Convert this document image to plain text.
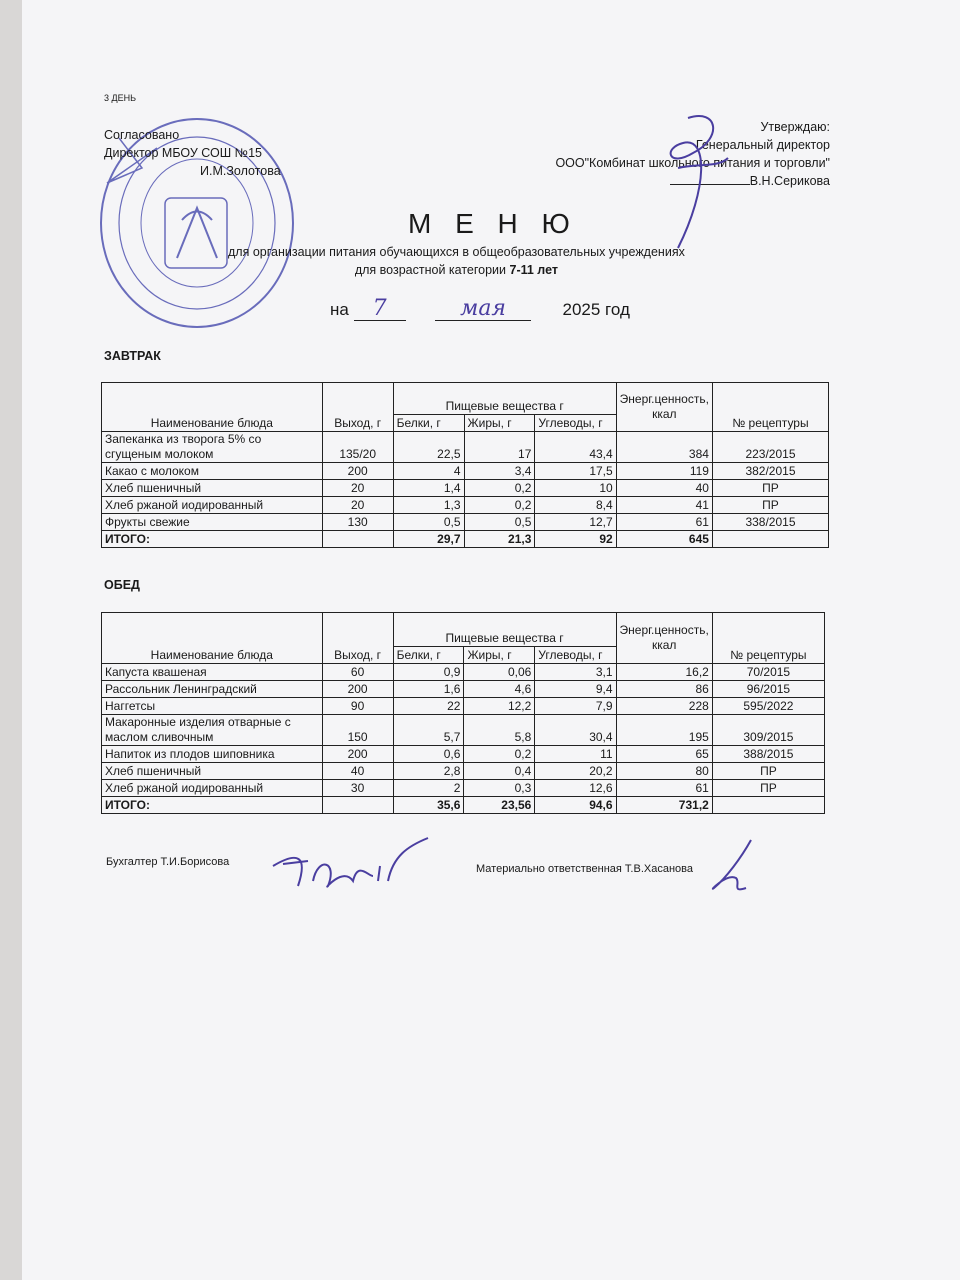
3 ДЕНЬ
Согласовано
Директор МБОУ СОШ №15
И.М.Золотова
Утверждаю:
Генеральный директор
ООО"Комбинат школьного питания и торговли"
В.Н.Серикова
М Е Н Ю
для организации питания обучающихся в общеобразовательных учреждениях
для возрастной категории 7-11 лет
на 7	мая	2025 год
ЗАВТРАК
Наименование блюда	Выход, г	Пищевые вещества г			Энерг.ценность, ккал	№ рецептуры
		Белки, г	Жиры, г	Углеводы, г		
Запеканка из творога 5% со сгущеным молоком	135/20	22,5	17	43,4	384	223/2015
Какао с молоком	200	4	3,4	17,5	119	382/2015
Хлеб пшеничный	20	1,4	0,2	10	40	ПР
Хлеб ржаной иодированный	20	1,3	0,2	8,4	41	ПР
Фрукты свежие	130	0,5	0,5	12,7	61	338/2015
ИТОГО:		29,7	21,3	92	645	
ОБЕД
Наименование блюда	Выход, г	Пищевые вещества г			Энерг.ценность, ккал	№ рецептуры
		Белки, г	Жиры, г	Углеводы, г		
Капуста квашеная	60	0,9	0,06	3,1	16,2	70/2015
Рассольник Ленинградский	200	1,6	4,6	9,4	86	96/2015
Наггетсы	90	22	12,2	7,9	228	595/2022
Макаронные изделия отварные с маслом сливочным	150	5,7	5,8	30,4	195	309/2015
Напиток из плодов шиповника	200	0,6	0,2	11	65	388/2015
Хлеб пшеничный	40	2,8	0,4	20,2	80	ПР
Хлеб ржаной иодированный	30	2	0,3	12,6	61	ПР
ИТОГО:		35,6	23,56	94,6	731,2	
Бухгалтер Т.И.Борисова
Материально ответственная Т.В.Хасанова
